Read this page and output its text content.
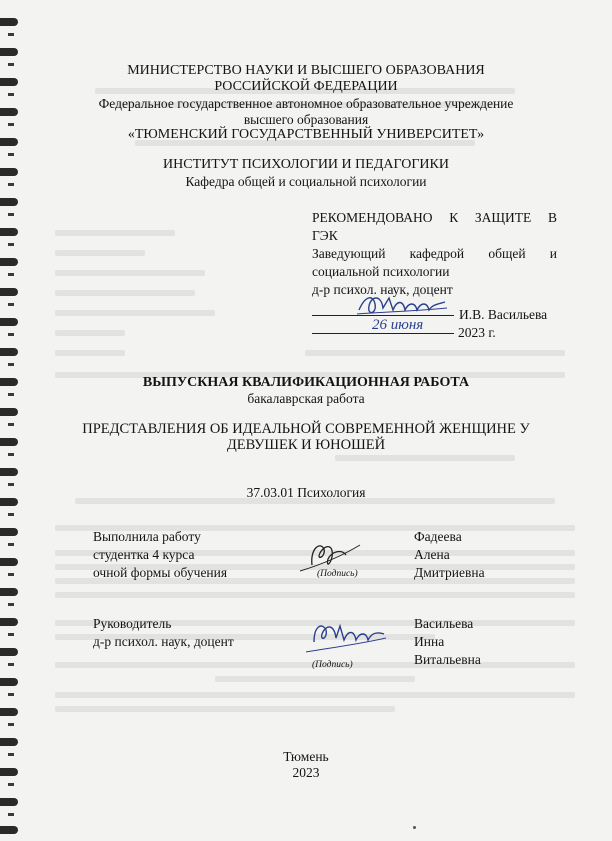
МИНИСТЕРСТВО НАУКИ И ВЫСШЕГО ОБРАЗОВАНИЯ
РОССИЙСКОЙ ФЕДЕРАЦИИ
Федеральное государственное автономное образовательное учреждение
высшего образования
«ТЮМЕНСКИЙ ГОСУДАРСТВЕННЫЙ УНИВЕРСИТЕТ»
ИНСТИТУТ ПСИХОЛОГИИ И ПЕДАГОГИКИ
Кафедра общей и социальной психологии
РЕКОМЕНДОВАНО К ЗАЩИТЕ В
ГЭК
Заведующий кафедрой общей и
социальной психологии
д-р психол. наук, доцент
И.В. Васильева
26 июня	2023 г.
ВЫПУСКНАЯ КВАЛИФИКАЦИОННАЯ РАБОТА
бакалаврская работа
ПРЕДСТАВЛЕНИЯ ОБ ИДЕАЛЬНОЙ СОВРЕМЕННОЙ ЖЕНЩИНЕ У
ДЕВУШЕК И ЮНОШЕЙ
37.03.01 Психология
Выполнила работу
студентка 4 курса
очной формы обучения	(Подпись)
Фадеева
Алена
Дмитриевна
Руководитель
д-р психол. наук, доцент
(Подпись)
Васильева
Инна
Витальевна
Тюмень
2023
